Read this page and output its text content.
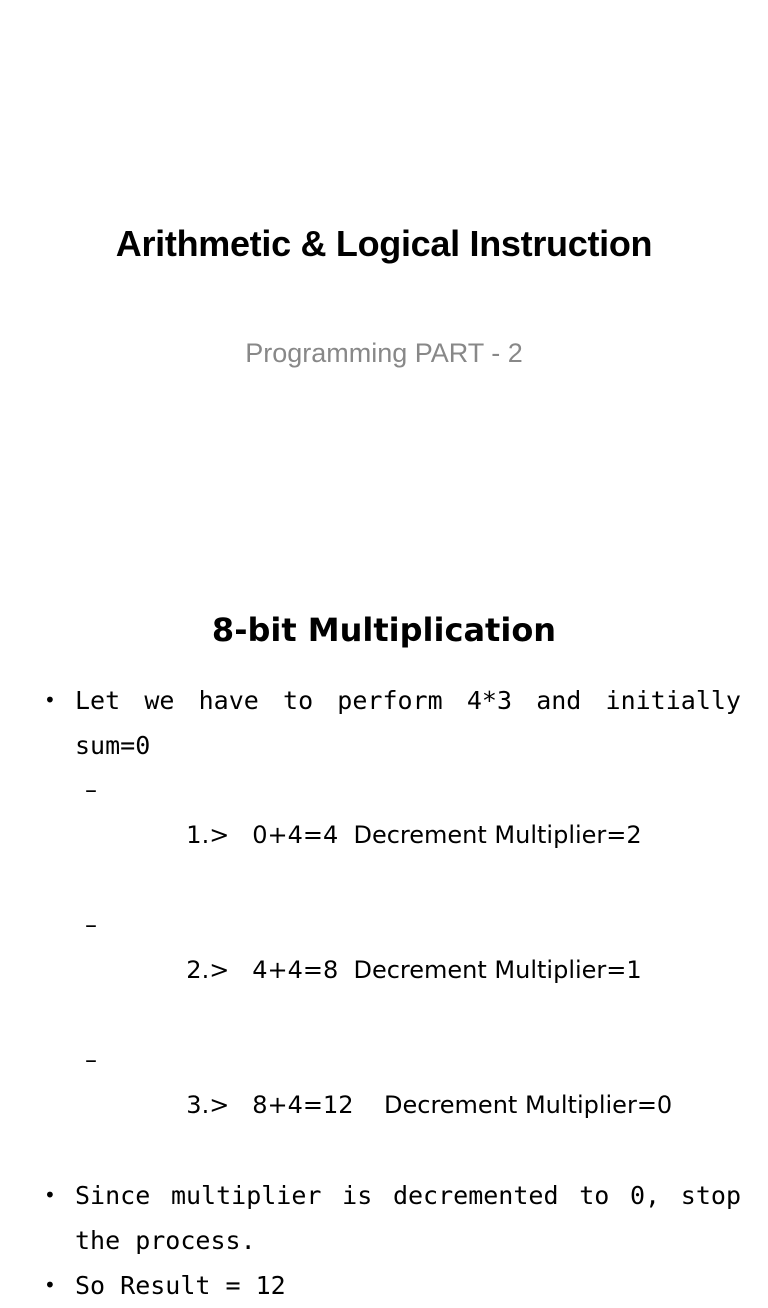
Arithmetic & Logical Instruction
Programming PART - 2
8-bit Multiplication
• Let we have to perform 4*3 and initially sum=0

–
1.>   0+4=4  Decrement Multiplier=2

–
2.>   4+4=8  Decrement Multiplier=1

–
3.>   8+4=12    Decrement Multiplier=0

• Since multiplier is decremented to 0, stop the process.
• So Result = 12
